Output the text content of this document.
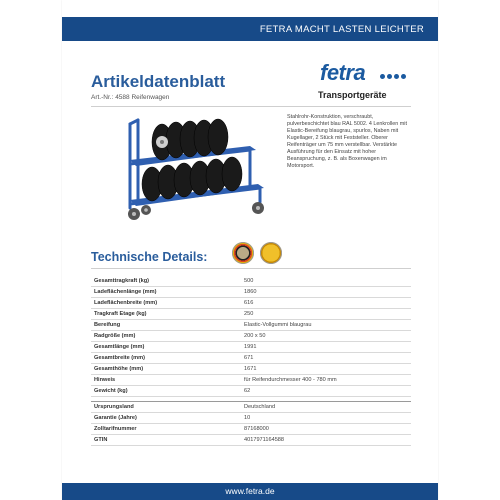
FETRA MACHT LASTEN LEICHTER
Artikeldatenblatt
Art.-Nr.: 4588 Reifenwagen
fetra
Transportgeräte
Stahlrohr-Konstruktion, verschraubt, pulverbeschichtet blau RAL 5002. 4 Lenkrollen mit Elastic-Bereifung blaugrau, spurlos, Naben mit Kugellager, 2 Stück mit Feststeller. Oberer Reifenträger um 75 mm verstellbar. Verstärkte Ausführung für den Einsatz mit hoher Beanspruchung, z. B. als Boxenwagen im Motorsport.
Technische Details:
Gesamttragkraft (kg)	500
Ladeflächenlänge (mm)	1860
Ladeflächenbreite (mm)	616
Tragkraft Etage (kg)	250
Bereifung	Elastic-Vollgummi blaugrau
Radgröße (mm)	200 x 50
Gesamtlänge (mm)	1991
Gesamtbreite (mm)	671
Gesamthöhe (mm)	1671
Hinweis	für Reifendurchmesser 400 - 780 mm
Gewicht (kg)	62
Ursprungsland	Deutschland
Garantie (Jahre)	10
Zolltarifnummer	87168000
GTIN	4017971164588
www.fetra.de
